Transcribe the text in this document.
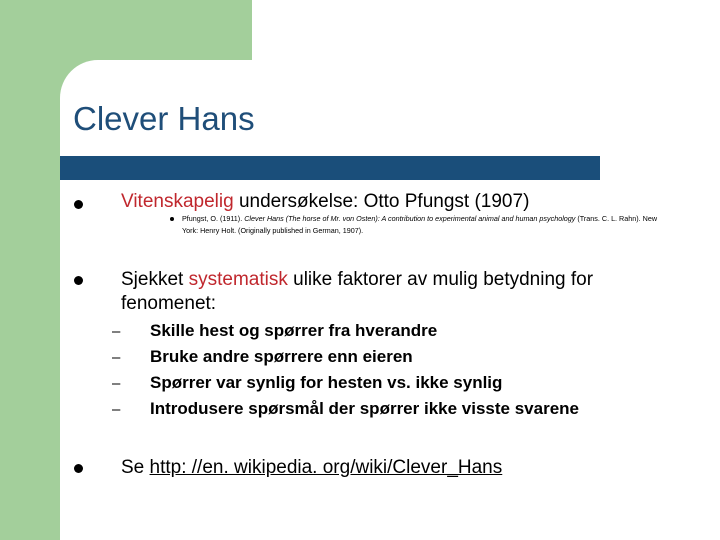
Clever Hans
Vitenskapelig undersøkelse: Otto Pfungst (1907)
Pfungst, O. (1911). Clever Hans (The horse of Mr. von Osten): A contribution to experimental animal and human psychology (Trans. C. L. Rahn). New York: Henry Holt. (Originally published in German, 1907).
Sjekket systematisk ulike faktorer av mulig betydning for
fenomenet:
– Skille hest og spørrer fra hverandre
– Bruke andre spørrere enn eieren
– Spørrer var synlig for hesten vs. ikke synlig
– Introdusere spørsmål der spørrer ikke visste svarene
Se http: //en. wikipedia. org/wiki/Clever_Hans
